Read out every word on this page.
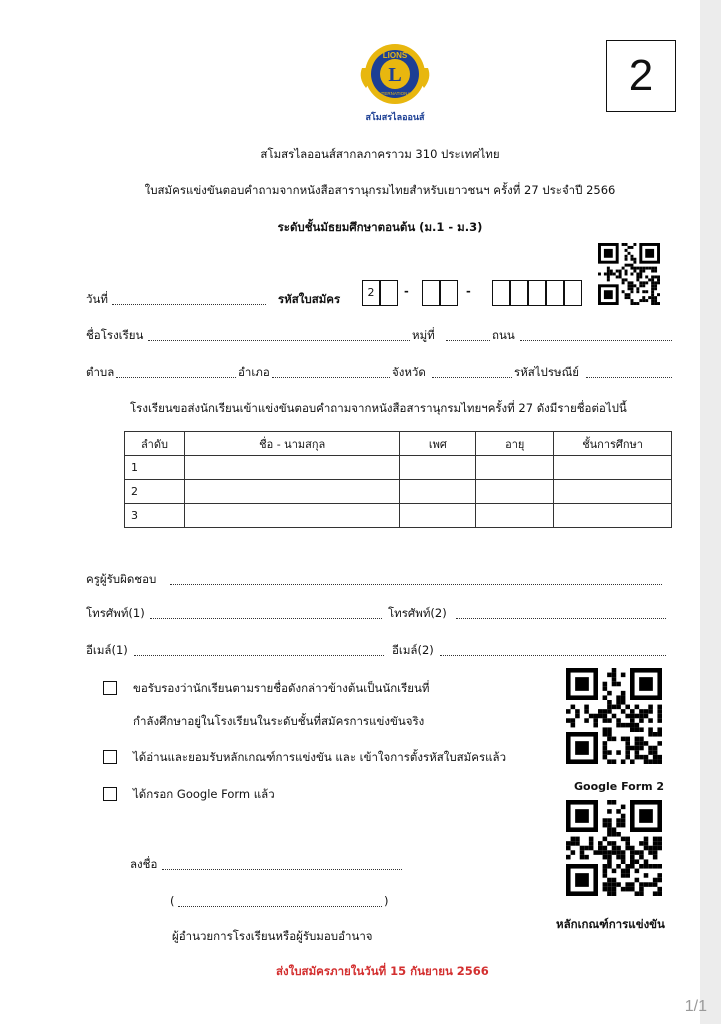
L
LIONS
INTERNATIONAL
สโมสรไลออนส์
2
สโมสรไลออนส์สากลภาคราวม 310 ประเทศไทย
ใบสมัครแข่งขันตอบคำถามจากหนังสือสารานุกรมไทยสำหรับเยาวชนฯ ครั้งที่ 27 ประจำปี 2566
ระดับชั้นมัธยมศึกษาตอนต้น (ม.1 - ม.3)
วันที่	รหัสใบสมัคร	2	-	-
ชื่อโรงเรียน	หมู่ที่	ถนน
ตำบล	อำเภอ	จังหวัด	รหัสไปรษณีย์
โรงเรียนขอส่งนักเรียนเข้าแข่งขันตอบคำถามจากหนังสือสารานุกรมไทยฯครั้งที่ 27 ดังมีรายชื่อต่อไปนี้
ลำดับ	ชื่อ - นามสกุล	เพศ	อายุ	ชั้นการศึกษา
1				
2				
3				
ครูผู้รับผิดชอบ
โทรศัพท์(1)	โทรศัพท์(2)
อีเมล์(1)	อีเมล์(2)
ขอรับรองว่านักเรียนตามรายชื่อดังกล่าวข้างต้นเป็นนักเรียนที่
กำลังศึกษาอยู่ในโรงเรียนในระดับชั้นที่สมัครการแข่งขันจริง
ได้อ่านและยอมรับหลักเกณฑ์การแข่งขัน และ เข้าใจการตั้งรหัสใบสมัครแล้ว
ได้กรอก Google Form แล้ว
Google Form 2
หลักเกณฑ์การแข่งขัน
ลงชื่อ
(	)
ผู้อำนวยการโรงเรียนหรือผู้รับมอบอำนาจ
ส่งใบสมัครภายในวันที่ 15 กันยายน 2566
1/1
